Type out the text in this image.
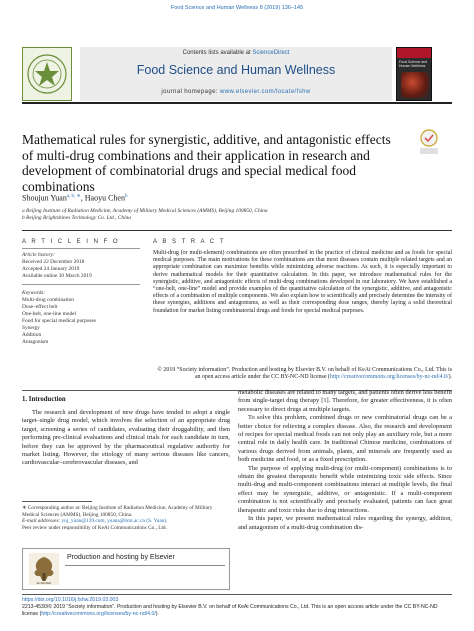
Food Science and Human Wellness 8 (2019) 136–145
Contents lists available at ScienceDirect
Food Science and Human Wellness
journal homepage: www.elsevier.com/locate/fshw
Food Science and Human Wellness
Mathematical rules for synergistic, additive, and antagonistic effects of multi-drug combinations and their application in research and development of combinatorial drugs and special medical food combinations
Shoujun Yuan$^{a, b, ∗}$, Haoyu Chen$^b$
a Beijing Institute of Radiation Medicine, Academy of Military Medical Sciences (AMMS), Beijing 100850, China
b Beijing Brightshines Technology Co. Ltd., China
A R T I C L E I N F O
Article history:
Received 22 December 2018
Accepted 24 January 2019
Available online 30 March 2019
Keywords:
Multi-drug combination
Dose–effect belt
One-belt, one-line model
Food for special medical purposes
Synergy
Addition
Antagonism
A B S T R A C T
Multi-drug (or multi-element) combinations are often prescribed in the practice of clinical medicine and as foods for special medical purposes. The main motivations for these combinations are that most diseases contain multiple related targets and an appropriate combination can maximize benefits while minimizing adverse reactions. As such, it is especially important to derive mathematical models for their quantitative calculation. In this paper, we introduce mathematical rules for the synergistic, additive, and antagonistic effects of multi-drug combinations developed in our laboratory. We have established a “one-belt, one-line” model and provide examples of the quantitative calculation of the synergistic, additive, and antagonistic effects of a combination of multiple components. We also explain how to scientifically and precisely determine the intensity of these synergies, additions and antagonisms, as well as their corresponding dose ranges, thereby laying a solid theoretical foundation for market listing combinatorial drugs and foods for special medical purposes.
© 2019 “Society information”. Production and hosting by Elsevier B.V. on behalf of KeAi Communications Co., Ltd. This is an open access article under the CC BY-NC-ND license (http://creativecommons.org/licenses/by-nc-nd/4.0/).
1. Introduction

The research and development of new drugs have tended to adopt a single target–single drug model, which involves the selection of an appropriate drug target, screening a series of candidates, evaluating their druggability, and then performing pre-clinical evaluations and clinical trials for each candidate in turn, before they can be approved by the pharmaceutical regulative authority for market listing. However, the etiology of many serious diseases like cancers, cardiovascular–cerebrovascular diseases, and

metabolic diseases are related to many targets, and patients often derive less benefit from single-target drug therapy [1]. Therefore, for greater effectiveness, it is often necessary to direct drugs at multiple targets.

To solve this problem, combined drugs or new combinatorial drugs can be a better choice for relieving a complex disease. Also, the research and development of recipes for special medical foods can not only play an auxiliary role, but a more central role in daily health care. In traditional Chinese medicine, combinations of various drugs derived from animals, plants, and minerals are frequently used as both medicine and food, or as a fixed prescription.

The purpose of applying multi-drug (or multi-component) combinations is to obtain the greatest therapeutic benefit while minimizing toxic side effects. Since multi-drug and multi-component combinations interact at multiple levels, the final effect may be synergistic, additive, or antagonistic. If a multi-component combination is not scientifically and precisely evaluated, patients can face great therapeutic and toxic risks due to drug interactions.

In this paper, we present mathematical rules regarding the synergy, addition, and antagonism of a multi-drug combination dis-

∗ Corresponding author at: Beijing Institute of Radiation Medicine, Academy of Military Medical Sciences (AMMS), Beijing 100850, China.
E-mail addresses: yuj_yuan@139.com, yuans@bmi.ac.cn (S. Yuan).
Peer review under responsibility of KeAi Communications Co., Ltd.
ELSEVIER
Production and hosting by Elsevier
https://doi.org/10.1016/j.fshw.2019.03.003
2213-4530/© 2019 “Society information”. Production and hosting by Elsevier B.V. on behalf of KeAi Communications Co., Ltd. This is an open access article under the CC BY-NC-ND license (http://creativecommons.org/licenses/by-nc-nd/4.0/).
